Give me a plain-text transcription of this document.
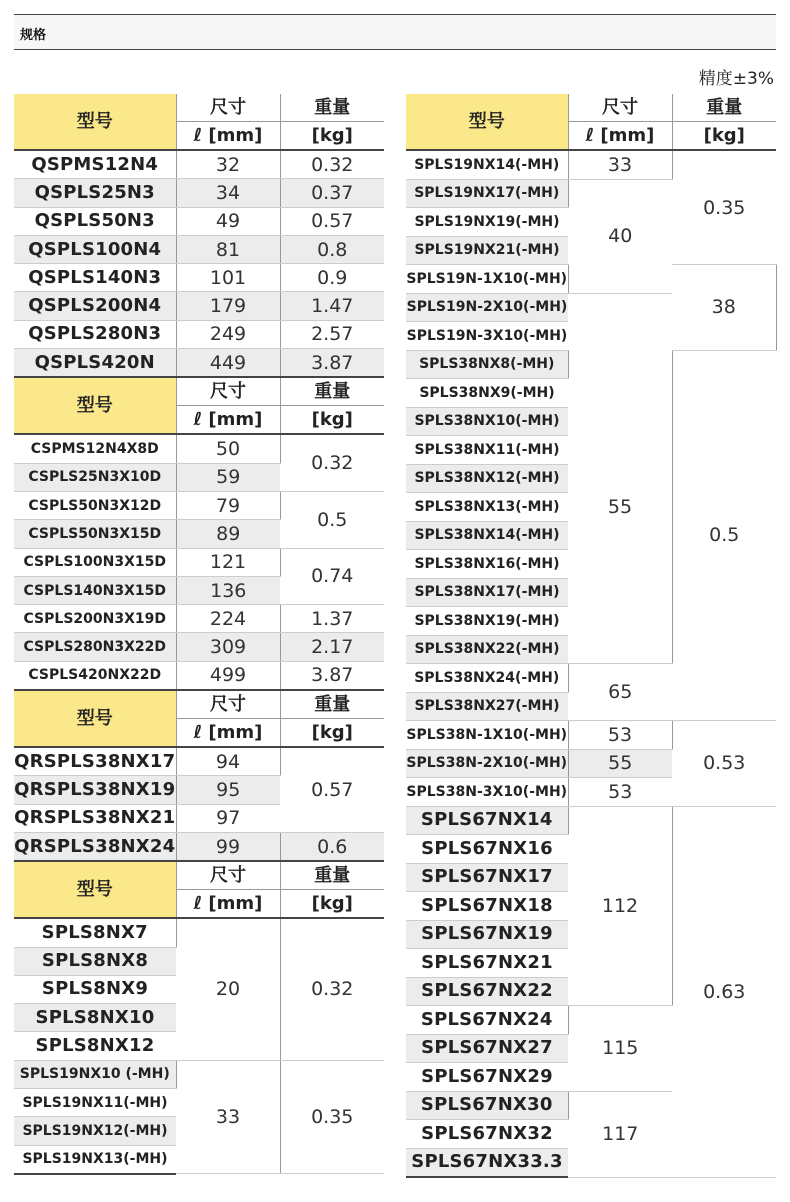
规格
精度±3%
型号	尺寸	重量
	ℓ [mm]	[kg]
QSPMS12N4	32	0.32
QSPLS25N3	34	0.37
QSPLS50N3	49	0.57
QSPLS100N4	81	0.8
QSPLS140N3	101	0.9
QSPLS200N4	179	1.47
QSPLS280N3	249	2.57
QSPLS420N	449	3.87
型号	尺寸	重量
	ℓ [mm]	[kg]
CSPMS12N4X8D	50	0.32
CSPLS25N3X10D	59	
CSPLS50N3X12D	79	0.5
CSPLS50N3X15D	89	
CSPLS100N3X15D	121	0.74
CSPLS140N3X15D	136	
CSPLS200N3X19D	224	1.37
CSPLS280N3X22D	309	2.17
CSPLS420NX22D	499	3.87
型号	尺寸	重量
	ℓ [mm]	[kg]
QRSPLS38NX17	94	0.57
QRSPLS38NX19	95	
QRSPLS38NX21	97	
QRSPLS38NX24	99	0.6
型号	尺寸	重量
	ℓ [mm]	[kg]
SPLS8NX7	20	0.32
SPLS8NX8		
SPLS8NX9		
SPLS8NX10		
SPLS8NX12		
SPLS19NX10 (-MH)	33	0.35
SPLS19NX11(-MH)		
SPLS19NX12(-MH)		
SPLS19NX13(-MH)		
型号	尺寸	重量	
	ℓ [mm]	[kg]	
SPLS19NX14(-MH)	33	0.35	
SPLS19NX17(-MH)	40		
SPLS19NX19(-MH)			
SPLS19NX21(-MH)			
SPLS19N-1X10(-MH)		38	
SPLS19N-2X10(-MH)			
SPLS19N-3X10(-MH)			
SPLS38NX8(-MH)	55	0.5	
SPLS38NX9(-MH)			
SPLS38NX10(-MH)			
SPLS38NX11(-MH)			
SPLS38NX12(-MH)			
SPLS38NX13(-MH)			
SPLS38NX14(-MH)			
SPLS38NX16(-MH)			
SPLS38NX17(-MH)			
SPLS38NX19(-MH)			
SPLS38NX22(-MH)			
SPLS38NX24(-MH)	65		
SPLS38NX27(-MH)			
SPLS38N-1X10(-MH)	53	0.53	
SPLS38N-2X10(-MH)	55		
SPLS38N-3X10(-MH)	53		
SPLS67NX14	112	0.63	
SPLS67NX16			
SPLS67NX17			
SPLS67NX18			
SPLS67NX19			
SPLS67NX21			
SPLS67NX22			
SPLS67NX24	115		
SPLS67NX27			
SPLS67NX29			
SPLS67NX30	117		
SPLS67NX32			
SPLS67NX33.3			
